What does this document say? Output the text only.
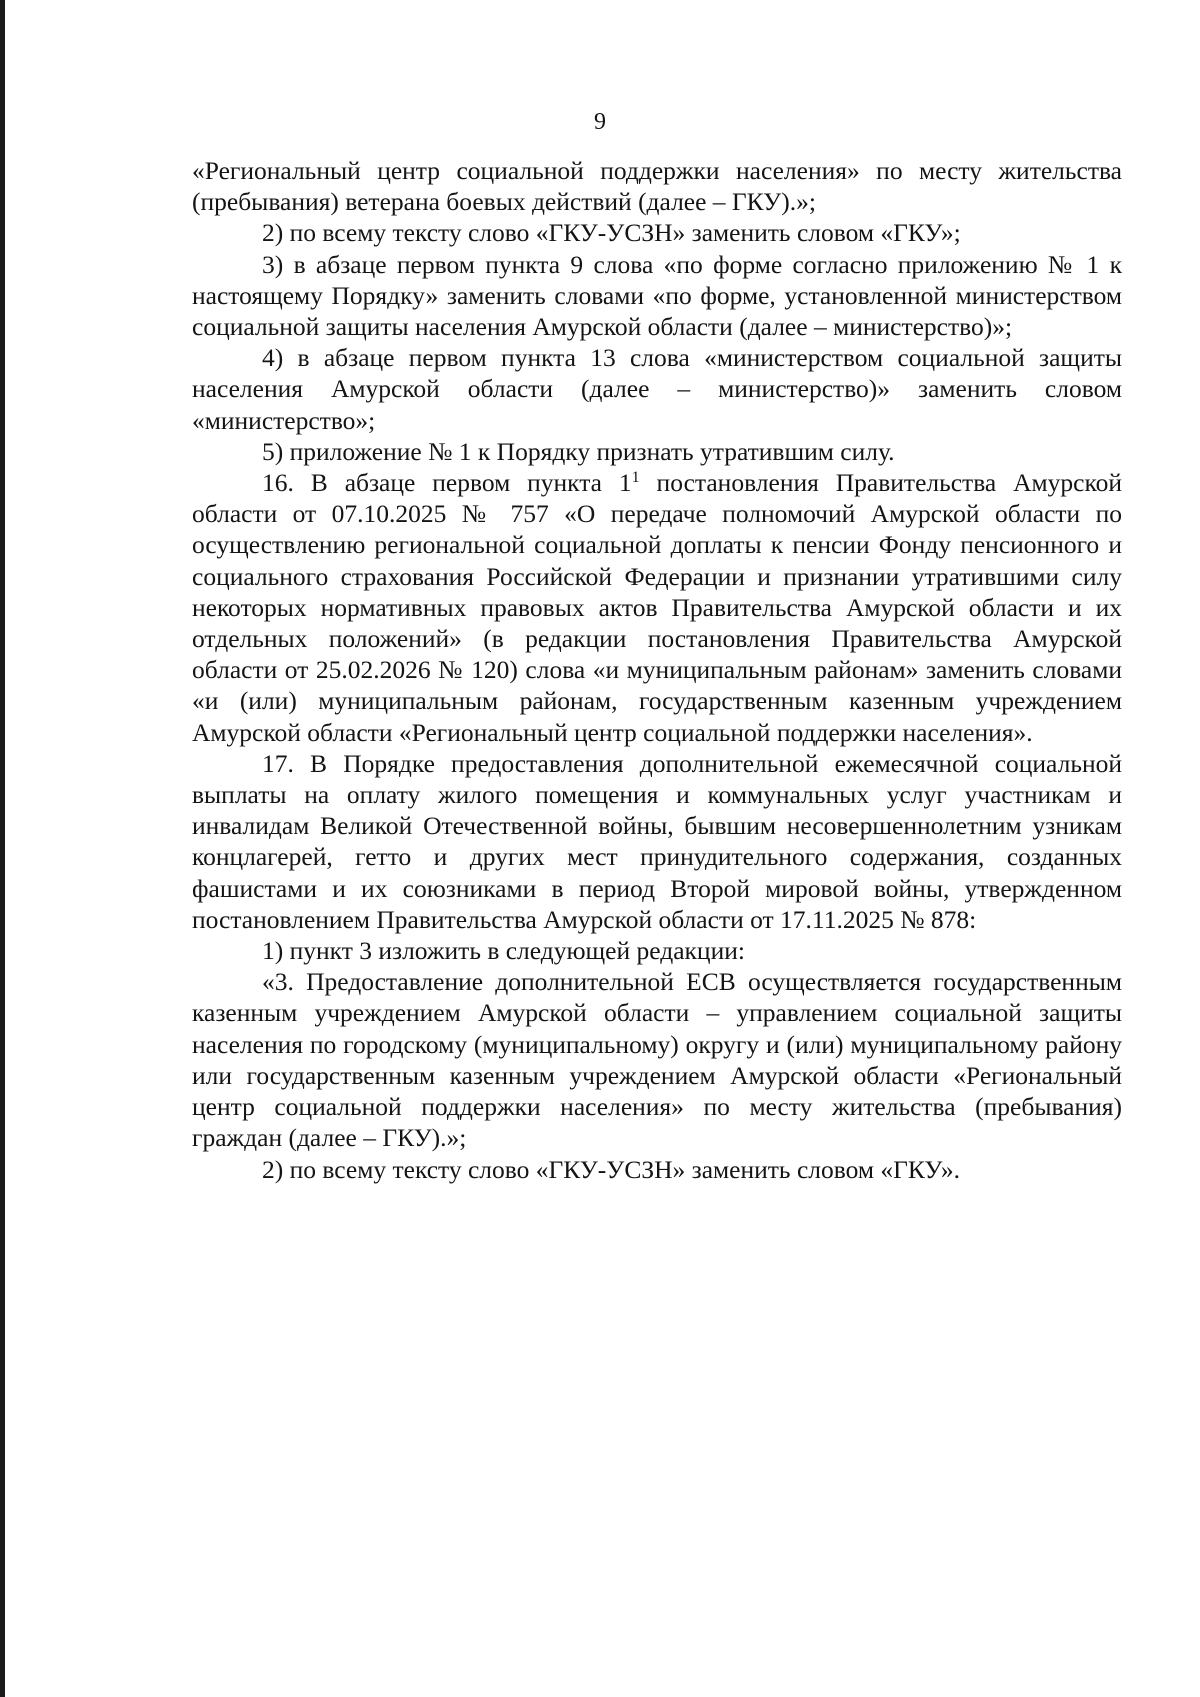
9

«Региональный центр социальной поддержки населения» по месту жительства (пребывания) ветерана боевых действий (далее – ГКУ).»;

2) по всему тексту слово «ГКУ-УСЗН» заменить словом «ГКУ»;

3) в абзаце первом пункта 9 слова «по форме согласно приложению № 1 к настоящему Порядку» заменить словами «по форме, установленной министерством социальной защиты населения Амурской области (далее – министерство)»;

4) в абзаце первом пункта 13 слова «министерством социальной защиты населения Амурской области (далее – министерство)» заменить словом «министерство»;

5) приложение № 1 к Порядку признать утратившим силу.

16. В абзаце первом пункта $1^1$ постановления Правительства Амурской области от 07.10.2025 № 757 «О передаче полномочий Амурской области по осуществлению региональной социальной доплаты к пенсии Фонду пенсионного и социального страхования Российской Федерации и признании утратившими силу некоторых нормативных правовых актов Правительства Амурской области и их отдельных положений» (в редакции постановления Правительства Амурской области от 25.02.2026 № 120) слова «и муниципальным районам» заменить словами «и (или) муниципальным районам, государственным казенным учреждением Амурской области «Региональный центр социальной поддержки населения».

17. В Порядке предоставления дополнительной ежемесячной социальной выплаты на оплату жилого помещения и коммунальных услуг участникам и инвалидам Великой Отечественной войны, бывшим несовершеннолетним узникам концлагерей, гетто и других мест принудительного содержания, созданных фашистами и их союзниками в период Второй мировой войны, утвержденном постановлением Правительства Амурской области от 17.11.2025 № 878:

1) пункт 3 изложить в следующей редакции:

«3. Предоставление дополнительной ЕСВ осуществляется государственным казенным учреждением Амурской области – управлением социальной защиты населения по городскому (муниципальному) округу и (или) муниципальному району или государственным казенным учреждением Амурской области «Региональный центр социальной поддержки населения» по месту жительства (пребывания) граждан (далее – ГКУ).»;

2) по всему тексту слово «ГКУ-УСЗН» заменить словом «ГКУ».
